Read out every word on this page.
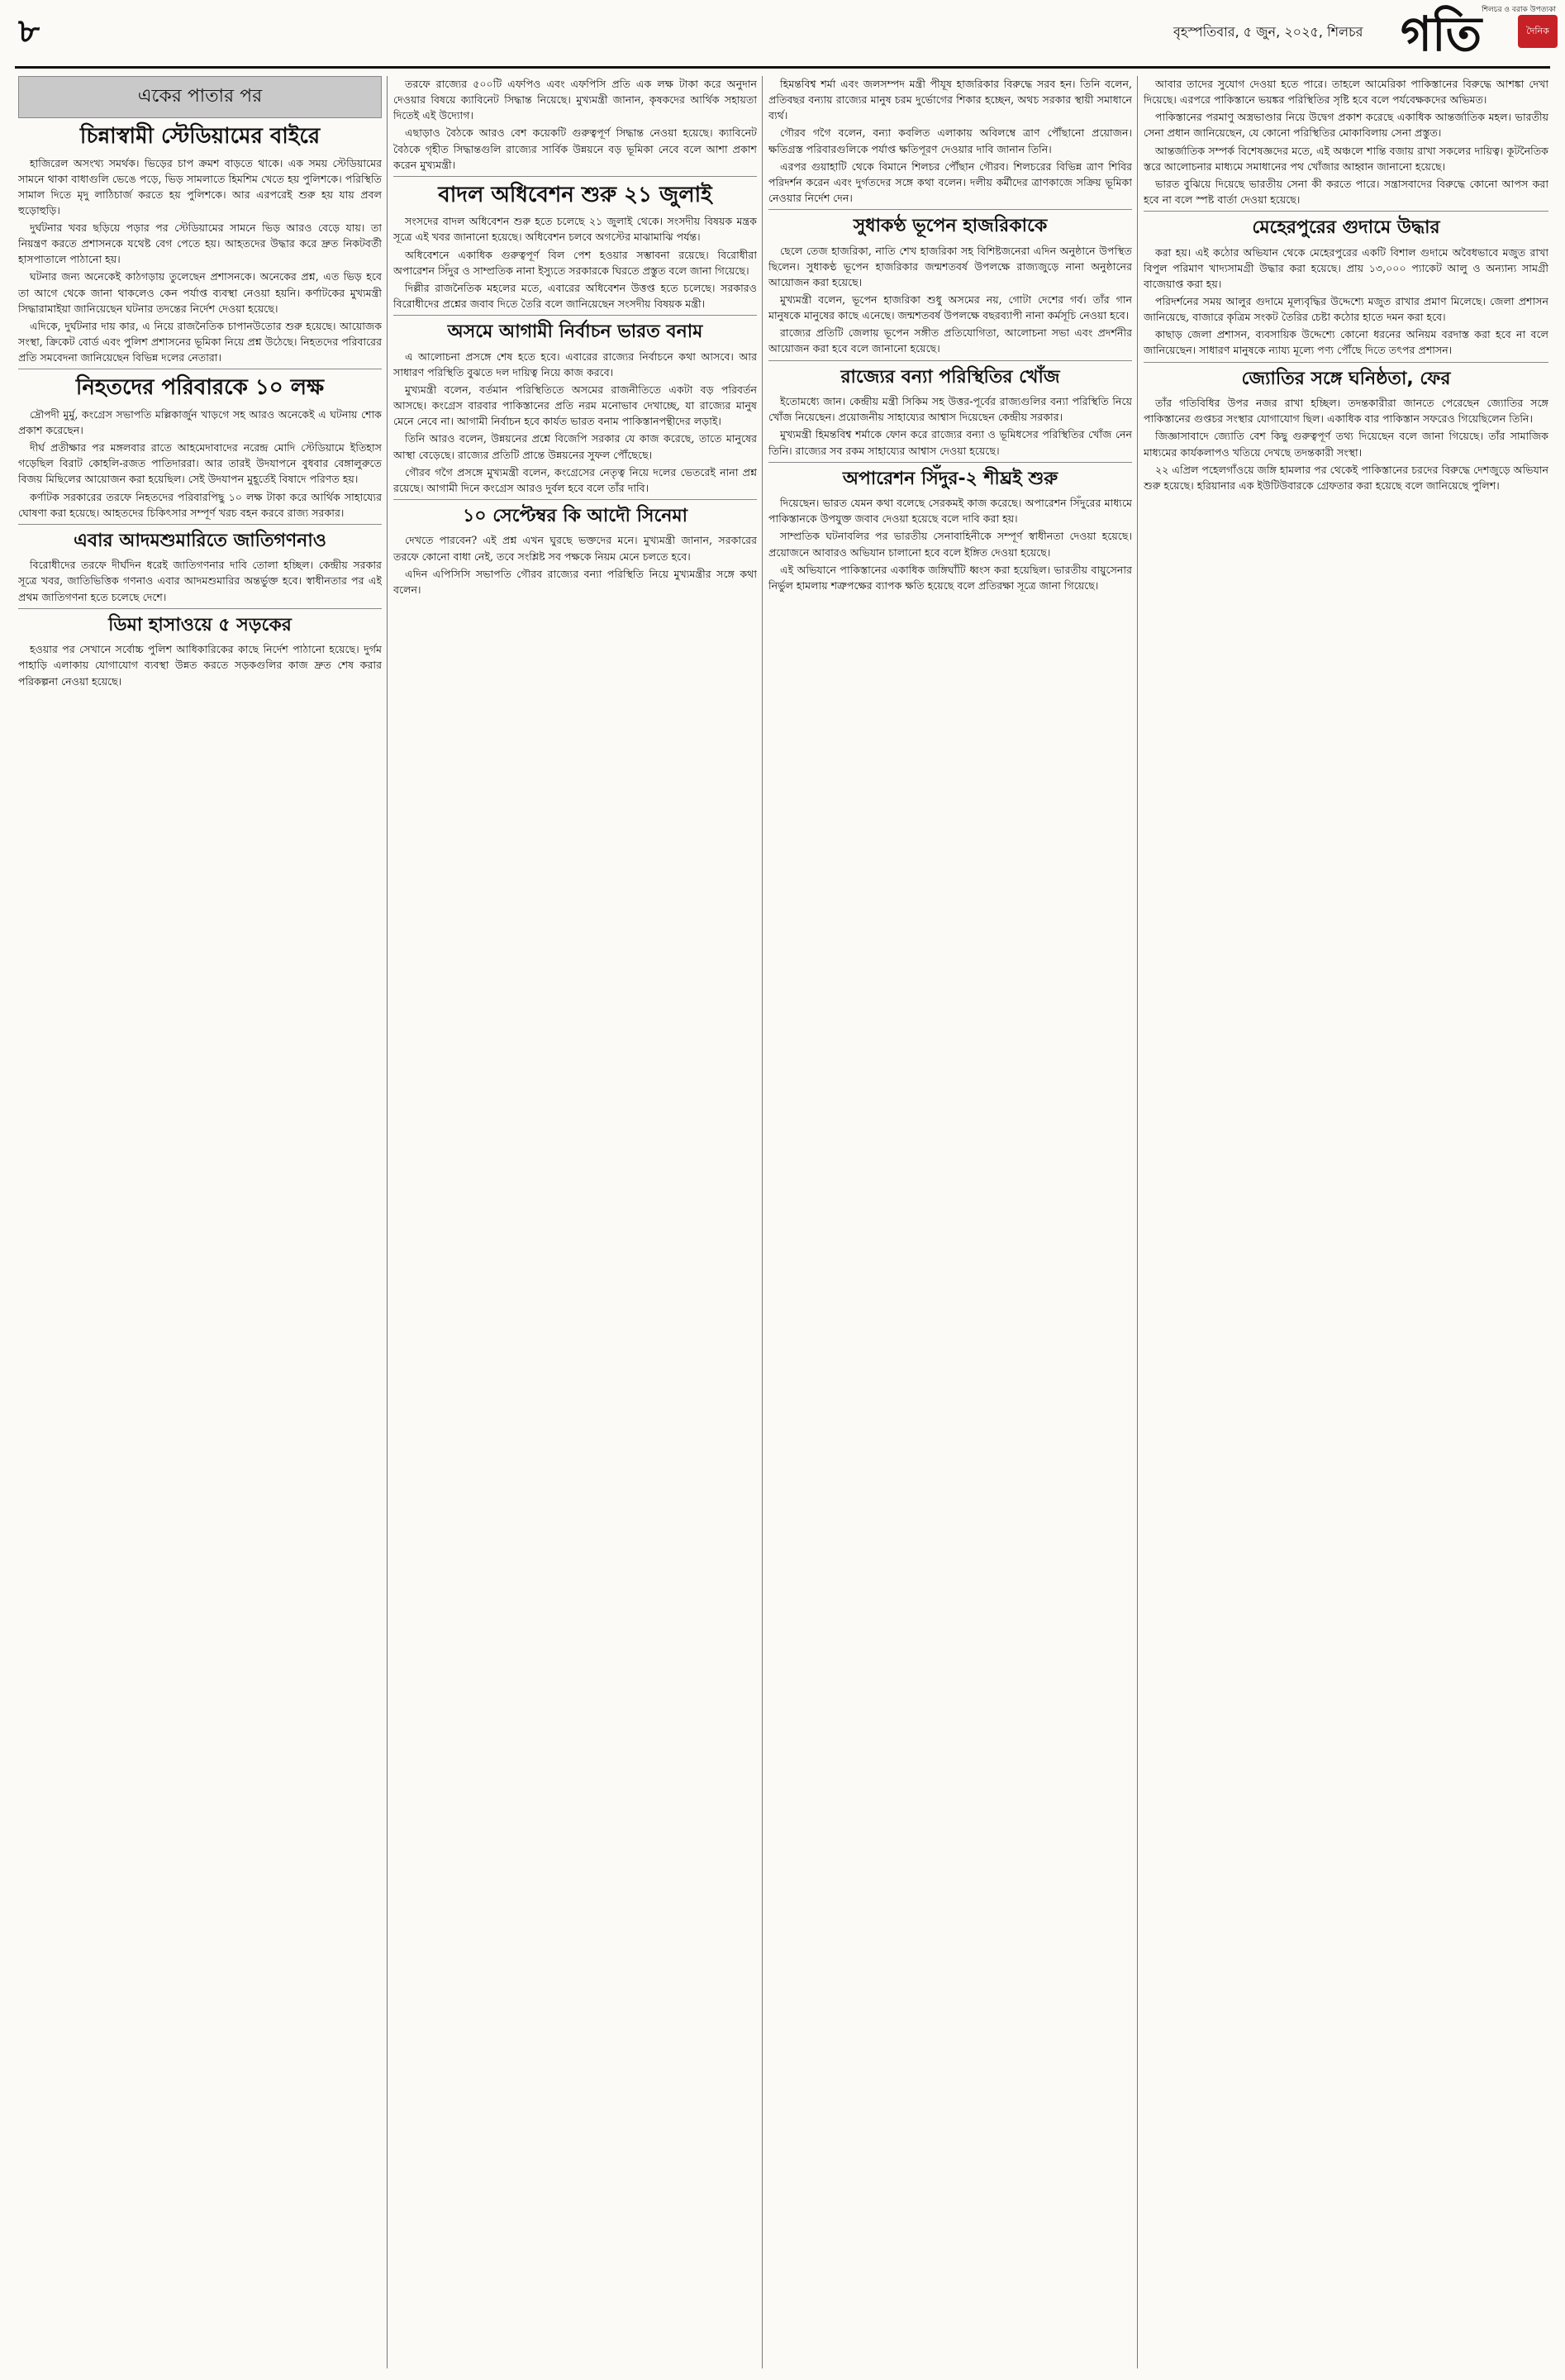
৮	বৃহস্পতিবার, ৫ জুন, ২০২৫, শিলচর
শিলচর ও বরাক উপত্যকা
গতি	দৈনিক
একের পাতার পর
চিন্নাস্বামী স্টেডিয়ামের বাইরে

হাজিরেল অসংখ্য সমর্থক। ভিড়ের চাপ ক্রমশ বাড়তে থাকে। এক সময় স্টেডিয়ামের সামনে থাকা বাধাগুলি ভেঙে পড়ে, ভিড় সামলাতে হিমশিম খেতে হয় পুলিশকে। পরিস্থিতি সামাল দিতে মৃদু লাঠিচার্জ করতে হয় পুলিশকে। আর এরপরেই শুরু হয় যায় প্রবল হুড়োহুড়ি।

দুর্ঘটনার খবর ছড়িয়ে পড়ার পর স্টেডিয়ামের সামনে ভিড় আরও বেড়ে যায়। তা নিয়ন্ত্রণ করতে প্রশাসনকে যথেষ্ট বেগ পেতে হয়। আহতদের উদ্ধার করে দ্রুত নিকটবর্তী হাসপাতালে পাঠানো হয়।

ঘটনার জন্য অনেকেই কাঠগড়ায় তুলেছেন প্রশাসনকে। অনেকের প্রশ্ন, এত ভিড় হবে তা আগে থেকে জানা থাকলেও কেন পর্যাপ্ত ব্যবস্থা নেওয়া হয়নি। কর্ণাটকের মুখ্যমন্ত্রী সিদ্ধারামাইয়া জানিয়েছেন ঘটনার তদন্তের নির্দেশ দেওয়া হয়েছে।

এদিকে, দুর্ঘটনার দায় কার, এ নিয়ে রাজনৈতিক চাপানউতোর শুরু হয়েছে। আয়োজক সংস্থা, ক্রিকেট বোর্ড এবং পুলিশ প্রশাসনের ভূমিকা নিয়ে প্রশ্ন উঠেছে। নিহতদের পরিবারের প্রতি সমবেদনা জানিয়েছেন বিভিন্ন দলের নেতারা।

নিহতদের পরিবারকে ১০ লক্ষ

দ্রৌপদী মুর্মু, কংগ্রেস সভাপতি মল্লিকার্জুন খাড়গে সহ আরও অনেকেই এ ঘটনায় শোক প্রকাশ করেছেন।

দীর্ঘ প্রতীক্ষার পর মঙ্গলবার রাতে আহমেদাবাদের নরেন্দ্র মোদি স্টেডিয়ামে ইতিহাস গড়েছিল বিরাট কোহলি-রজত পাতিদাররা। আর তারই উদযাপনে বুধবার বেঙ্গালুরুতে বিজয় মিছিলের আয়োজন করা হয়েছিল। সেই উদযাপন মুহূর্তেই বিষাদে পরিণত হয়।

কর্ণাটক সরকারের তরফে নিহতদের পরিবারপিছু ১০ লক্ষ টাকা করে আর্থিক সাহায্যের ঘোষণা করা হয়েছে। আহতদের চিকিৎসার সম্পূর্ণ খরচ বহন করবে রাজ্য সরকার।

এবার আদমশুমারিতে জাতিগণনাও

বিরোধীদের তরফে দীর্ঘদিন ধরেই জাতিগণনার দাবি তোলা হচ্ছিল। কেন্দ্রীয় সরকার সূত্রে খবর, জাতিভিত্তিক গণনাও এবার আদমশুমারির অন্তর্ভুক্ত হবে। স্বাধীনতার পর এই প্রথম জাতিগণনা হতে চলেছে দেশে।

ডিমা হাসাওয়ে ৫ সড়কের

হওয়ার পর সেখানে সর্বোচ্চ পুলিশ আধিকারিকের কাছে নির্দেশ পাঠানো হয়েছে। দুর্গম পাহাড়ি এলাকায় যোগাযোগ ব্যবস্থা উন্নত করতে সড়কগুলির কাজ দ্রুত শেষ করার পরিকল্পনা নেওয়া হয়েছে।

তরফে রাজ্যের ৫০০টি এফপিও এবং এফপিসি প্রতি এক লক্ষ টাকা করে অনুদান দেওয়ার বিষয়ে ক্যাবিনেট সিদ্ধান্ত নিয়েছে। মুখ্যমন্ত্রী জানান, কৃষকদের আর্থিক সহায়তা দিতেই এই উদ্যোগ।

এছাড়াও বৈঠকে আরও বেশ কয়েকটি গুরুত্বপূর্ণ সিদ্ধান্ত নেওয়া হয়েছে। ক্যাবিনেট বৈঠকে গৃহীত সিদ্ধান্তগুলি রাজ্যের সার্বিক উন্নয়নে বড় ভূমিকা নেবে বলে আশা প্রকাশ করেন মুখ্যমন্ত্রী।

বাদল অধিবেশন শুরু ২১ জুলাই

সংসদের বাদল অধিবেশন শুরু হতে চলেছে ২১ জুলাই থেকে। সংসদীয় বিষয়ক মন্ত্রক সূত্রে এই খবর জানানো হয়েছে। অধিবেশন চলবে অগস্টের মাঝামাঝি পর্যন্ত।

অধিবেশনে একাধিক গুরুত্বপূর্ণ বিল পেশ হওয়ার সম্ভাবনা রয়েছে। বিরোধীরা অপারেশন সিঁদুর ও সাম্প্রতিক নানা ইস্যুতে সরকারকে ঘিরতে প্রস্তুত বলে জানা গিয়েছে।

দিল্লীর রাজনৈতিক মহলের মতে, এবারের অধিবেশন উত্তপ্ত হতে চলেছে। সরকারও বিরোধীদের প্রশ্নের জবাব দিতে তৈরি বলে জানিয়েছেন সংসদীয় বিষয়ক মন্ত্রী।

অসমে আগামী নির্বাচন ভারত বনাম

এ আলোচনা প্রসঙ্গে শেষ হতে হবে। এবারের রাজ্যের নির্বাচনে কথা আসবে। আর সাধারণ পরিস্থিতি বুঝতে দল দায়িত্ব নিয়ে কাজ করবে।

মুখ্যমন্ত্রী বলেন, বর্তমান পরিস্থিতিতে অসমের রাজনীতিতে একটা বড় পরিবর্তন আসছে। কংগ্রেস বারবার পাকিস্তানের প্রতি নরম মনোভাব দেখাচ্ছে, যা রাজ্যের মানুষ মেনে নেবে না। আগামী নির্বাচন হবে কার্যত ভারত বনাম পাকিস্তানপন্থীদের লড়াই।

তিনি আরও বলেন, উন্নয়নের প্রশ্নে বিজেপি সরকার যে কাজ করেছে, তাতে মানুষের আস্থা বেড়েছে। রাজ্যের প্রতিটি প্রান্তে উন্নয়নের সুফল পৌঁছেছে।

গৌরব গগৈ প্রসঙ্গে মুখ্যমন্ত্রী বলেন, কংগ্রেসের নেতৃত্ব নিয়ে দলের ভেতরেই নানা প্রশ্ন রয়েছে। আগামী দিনে কংগ্রেস আরও দুর্বল হবে বলে তাঁর দাবি।

১০ সেপ্টেম্বর কি আদৌ সিনেমা

দেখতে পারবেন? এই প্রশ্ন এখন ঘুরছে ভক্তদের মনে। মুখ্যমন্ত্রী জানান, সরকারের তরফে কোনো বাধা নেই, তবে সংশ্লিষ্ট সব পক্ষকে নিয়ম মেনে চলতে হবে।

এদিন এপিসিসি সভাপতি গৌরব রাজ্যের বন্যা পরিস্থিতি নিয়ে মুখ্যমন্ত্রীর সঙ্গে কথা বলেন।

হিমন্তবিশ্ব শর্মা এবং জলসম্পদ মন্ত্রী পীযূষ হাজরিকার বিরুদ্ধে সরব হন। তিনি বলেন, প্রতিবছর বন্যায় রাজ্যের মানুষ চরম দুর্ভোগের শিকার হচ্ছেন, অথচ সরকার স্থায়ী সমাধানে ব্যর্থ।

গৌরব গগৈ বলেন, বন্যা কবলিত এলাকায় অবিলম্বে ত্রাণ পৌঁছানো প্রয়োজন। ক্ষতিগ্রস্ত পরিবারগুলিকে পর্যাপ্ত ক্ষতিপূরণ দেওয়ার দাবি জানান তিনি।

এরপর গুয়াহাটি থেকে বিমানে শিলচর পৌঁছান গৌরব। শিলচরের বিভিন্ন ত্রাণ শিবির পরিদর্শন করেন এবং দুর্গতদের সঙ্গে কথা বলেন। দলীয় কর্মীদের ত্রাণকাজে সক্রিয় ভূমিকা নেওয়ার নির্দেশ দেন।

সুধাকণ্ঠ ভূপেন হাজরিকাকে

ছেলে তেজ হাজরিকা, নাতি শেখ হাজরিকা সহ বিশিষ্টজনেরা এদিন অনুষ্ঠানে উপস্থিত ছিলেন। সুধাকণ্ঠ ভূপেন হাজরিকার জন্মশতবর্ষ উপলক্ষে রাজ্যজুড়ে নানা অনুষ্ঠানের আয়োজন করা হয়েছে।

মুখ্যমন্ত্রী বলেন, ভূপেন হাজরিকা শুধু অসমের নয়, গোটা দেশের গর্ব। তাঁর গান মানুষকে মানুষের কাছে এনেছে। জন্মশতবর্ষ উপলক্ষে বছরব্যাপী নানা কর্মসূচি নেওয়া হবে।

রাজ্যের প্রতিটি জেলায় ভূপেন সঙ্গীত প্রতিযোগিতা, আলোচনা সভা এবং প্রদর্শনীর আয়োজন করা হবে বলে জানানো হয়েছে।

রাজ্যের বন্যা পরিস্থিতির খোঁজ

ইতোমধ্যে জান। কেন্দ্রীয় মন্ত্রী সিকিম সহ উত্তর-পূর্বের রাজ্যগুলির বন্যা পরিস্থিতি নিয়ে খোঁজ নিয়েছেন। প্রয়োজনীয় সাহায্যের আশ্বাস দিয়েছেন কেন্দ্রীয় সরকার।

মুখ্যমন্ত্রী হিমন্তবিশ্ব শর্মাকে ফোন করে রাজ্যের বন্যা ও ভূমিধসের পরিস্থিতির খোঁজ নেন তিনি। রাজ্যের সব রকম সাহায্যের আশ্বাস দেওয়া হয়েছে।

অপারেশন সিঁদুর-২ শীঘ্রই শুরু

দিয়েছেন। ভারত যেমন কথা বলেছে সেরকমই কাজ করেছে। অপারেশন সিঁদুরের মাধ্যমে পাকিস্তানকে উপযুক্ত জবাব দেওয়া হয়েছে বলে দাবি করা হয়।

সাম্প্রতিক ঘটনাবলির পর ভারতীয় সেনাবাহিনীকে সম্পূর্ণ স্বাধীনতা দেওয়া হয়েছে। প্রয়োজনে আবারও অভিযান চালানো হবে বলে ইঙ্গিত দেওয়া হয়েছে।

এই অভিযানে পাকিস্তানের একাধিক জঙ্গিঘাঁটি ধ্বংস করা হয়েছিল। ভারতীয় বায়ুসেনার নির্ভুল হামলায় শত্রুপক্ষের ব্যাপক ক্ষতি হয়েছে বলে প্রতিরক্ষা সূত্রে জানা গিয়েছে।

আবার তাদের সুযোগ দেওয়া হতে পারে। তাহলে আমেরিকা পাকিস্তানের বিরুদ্ধে আশঙ্কা দেখা দিয়েছে। এরপরে পাকিস্তানে ভয়ঙ্কর পরিস্থিতির সৃষ্টি হবে বলে পর্যবেক্ষকদের অভিমত।

পাকিস্তানের পরমাণু অস্ত্রভাণ্ডার নিয়ে উদ্বেগ প্রকাশ করেছে একাধিক আন্তর্জাতিক মহল। ভারতীয় সেনা প্রধান জানিয়েছেন, যে কোনো পরিস্থিতির মোকাবিলায় সেনা প্রস্তুত।

আন্তর্জাতিক সম্পর্ক বিশেষজ্ঞদের মতে, এই অঞ্চলে শান্তি বজায় রাখা সকলের দায়িত্ব। কূটনৈতিক স্তরে আলোচনার মাধ্যমে সমাধানের পথ খোঁজার আহ্বান জানানো হয়েছে।

ভারত বুঝিয়ে দিয়েছে ভারতীয় সেনা কী করতে পারে। সন্ত্রাসবাদের বিরুদ্ধে কোনো আপস করা হবে না বলে স্পষ্ট বার্তা দেওয়া হয়েছে।

মেহেরপুরের গুদামে উদ্ধার

করা হয়। এই কঠোর অভিযান থেকে মেহেরপুরের একটি বিশাল গুদামে অবৈধভাবে মজুত রাখা বিপুল পরিমাণ খাদ্যসামগ্রী উদ্ধার করা হয়েছে। প্রায় ১৩,০০০ প্যাকেট আলু ও অন্যান্য সামগ্রী বাজেয়াপ্ত করা হয়।

পরিদর্শনের সময় আলুর গুদামে মূল্যবৃদ্ধির উদ্দেশ্যে মজুত রাখার প্রমাণ মিলেছে। জেলা প্রশাসন জানিয়েছে, বাজারে কৃত্রিম সংকট তৈরির চেষ্টা কঠোর হাতে দমন করা হবে।

কাছাড় জেলা প্রশাসন, ব্যবসায়িক উদ্দেশ্যে কোনো ধরনের অনিয়ম বরদাস্ত করা হবে না বলে জানিয়েছেন। সাধারণ মানুষকে ন্যায্য মূল্যে পণ্য পৌঁছে দিতে তৎপর প্রশাসন।

জ্যোতির সঙ্গে ঘনিষ্ঠতা, ফের

তাঁর গতিবিধির উপর নজর রাখা হচ্ছিল। তদন্তকারীরা জানতে পেরেছেন জ্যোতির সঙ্গে পাকিস্তানের গুপ্তচর সংস্থার যোগাযোগ ছিল। একাধিক বার পাকিস্তান সফরেও গিয়েছিলেন তিনি।

জিজ্ঞাসাবাদে জ্যোতি বেশ কিছু গুরুত্বপূর্ণ তথ্য দিয়েছেন বলে জানা গিয়েছে। তাঁর সামাজিক মাধ্যমের কার্যকলাপও খতিয়ে দেখছে তদন্তকারী সংস্থা।

২২ এপ্রিল পহেলগাঁওয়ে জঙ্গি হামলার পর থেকেই পাকিস্তানের চরদের বিরুদ্ধে দেশজুড়ে অভিযান শুরু হয়েছে। হরিয়ানার এক ইউটিউবারকে গ্রেফতার করা হয়েছে বলে জানিয়েছে পুলিশ।
